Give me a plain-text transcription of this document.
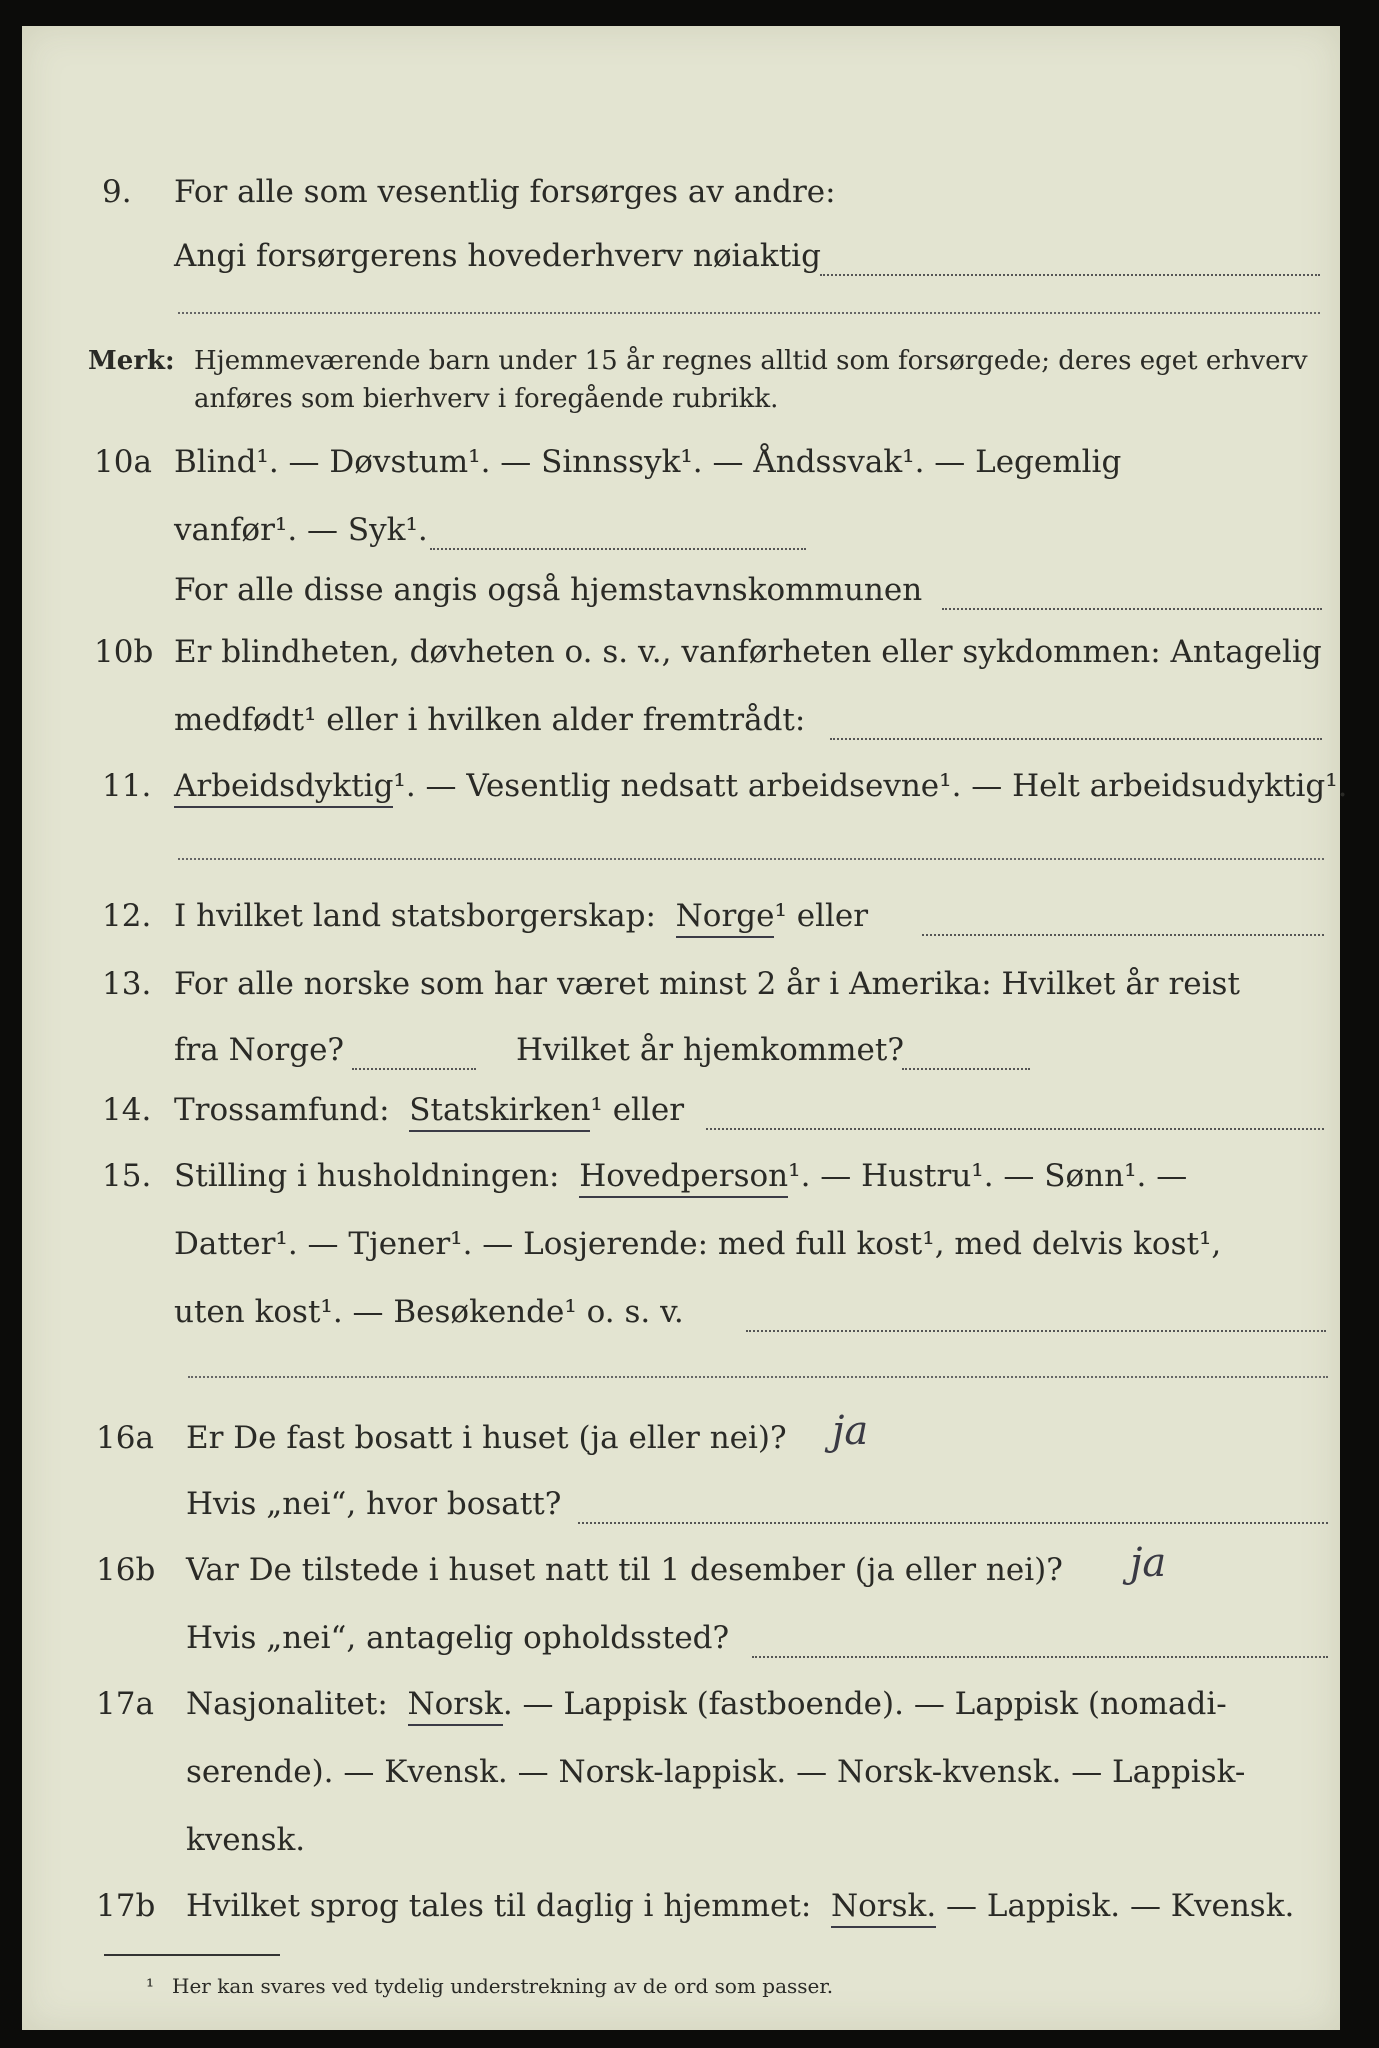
9. For alle som vesentlig forsørges av andre:
Angi forsørgerens hovederhverv nøiaktig
Merk: Hjemmeværende barn under 15 år regnes alltid som forsørgede; deres eget erhverv
anføres som bierhverv i foregående rubrikk.
10a Blind¹. — Døvstum¹. — Sinnssyk¹. — Åndssvak¹. — Legemlig
vanfør¹. — Syk¹.
For alle disse angis også hjemstavnskommunen
10b Er blindheten, døvheten o. s. v., vanførheten eller sykdommen: Antagelig
medfødt¹ eller i hvilken alder fremtrådt:
11. Arbeidsdyktig¹. — Vesentlig nedsatt arbeidsevne¹. — Helt arbeidsudyktig¹.
12. I hvilket land statsborgerskap: Norge¹ eller
13. For alle norske som har været minst 2 år i Amerika: Hvilket år reist
fra Norge?	Hvilket år hjemkommet?
14. Trossamfund: Statskirken¹ eller
15. Stilling i husholdningen: Hovedperson¹. — Hustru¹. — Sønn¹. —
Datter¹. — Tjener¹. — Losjerende: med full kost¹, med delvis kost¹,
uten kost¹. — Besøkende¹ o. s. v.
16a Er De fast bosatt i huset (ja eller nei)? ja
Hvis „nei“, hvor bosatt?
16b Var De tilstede i huset natt til 1 desember (ja eller nei)? ja
Hvis „nei“, antagelig opholdssted?
17a Nasjonalitet: Norsk. — Lappisk (fastboende). — Lappisk (nomadi-
serende). — Kvensk. — Norsk-lappisk. — Norsk-kvensk. — Lappisk-
kvensk.
17b Hvilket sprog tales til daglig i hjemmet: Norsk. — Lappisk. — Kvensk.
¹ Her kan svares ved tydelig understrekning av de ord som passer.
